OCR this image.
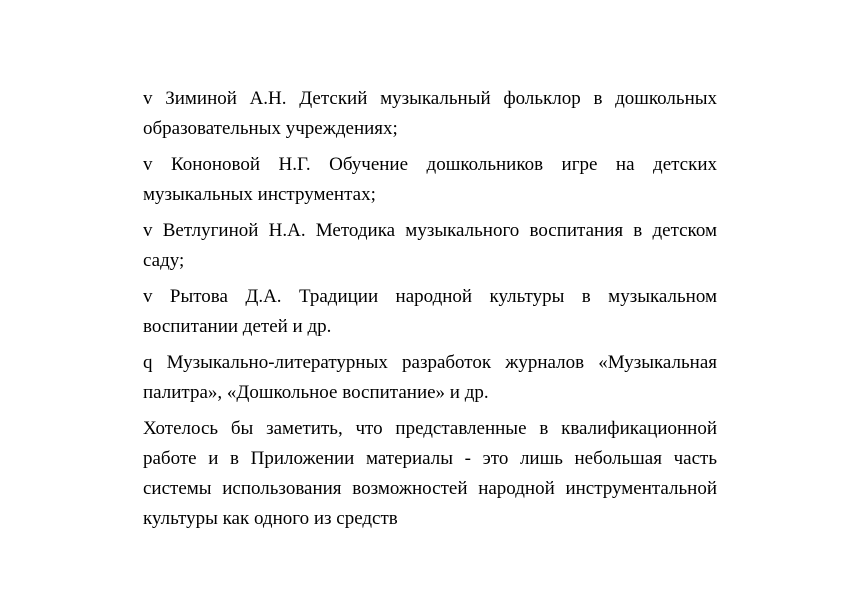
v Зиминой А.Н. Детский музыкальный фольклор в дошкольных образовательных учреждениях;

v Кононовой Н.Г. Обучение дошкольников игре на детских музыкальных инструментах;

v Ветлугиной Н.А. Методика музыкального воспитания в детском саду;

v Рытова Д.А. Традиции народной культуры в музыкальном воспитании детей и др.

q Музыкально-литературных разработок журналов «Музыкальная палитра», «Дошкольное воспитание» и др.

Хотелось бы заметить, что представленные в квалификационной работе и в Приложении материалы - это лишь небольшая часть системы использования возможностей народной инструментальной культуры как одного из средств
